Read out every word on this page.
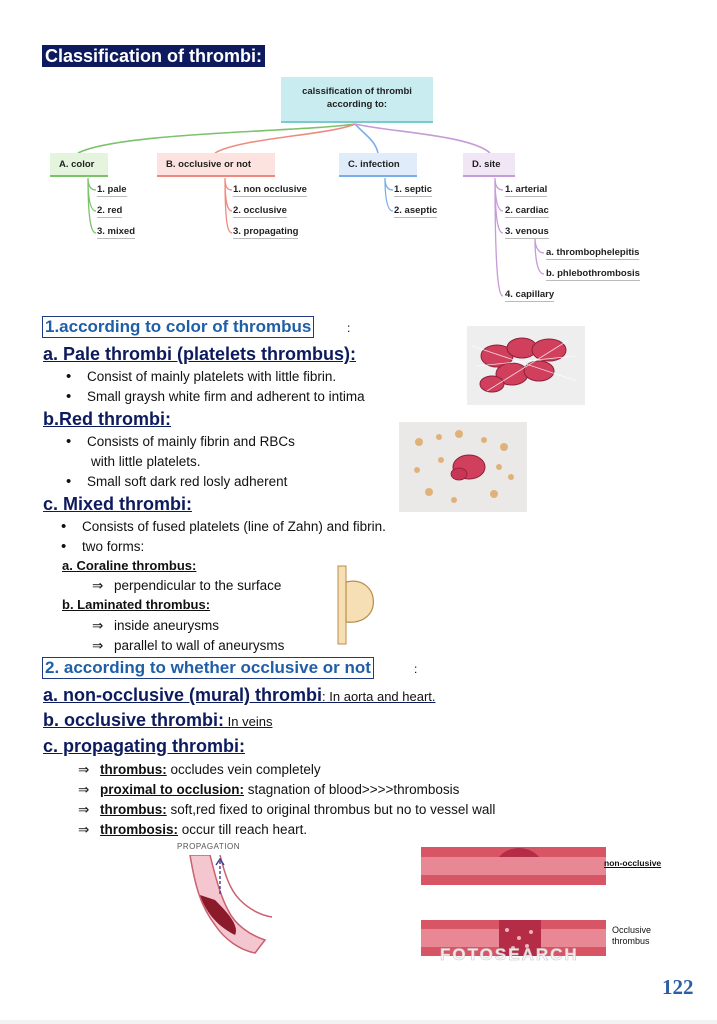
Classification of thrombi:
calssification of thrombi
according to:
A. color	B. occlusive or not	C. infection	D. site
1. pale
2. red
3. mixed
1. non occlusive
2. occlusive
3. propagating
1. septic
2. aseptic
1. arterial
2. cardiac
3. venous
a. thrombophelepitis
b. phlebothrombosis
4. capillary
1.according to color of thrombus	:
a. Pale thrombi (platelets thrombus):
• Consist of mainly platelets with little fibrin.
• Small graysh white firm and adherent to intima
b.Red thrombi:
• Consists of mainly fibrin and RBCs
with little platelets.
• Small soft dark red losly adherent
c. Mixed thrombi:
• Consists of fused platelets (line of Zahn) and fibrin.
• two forms:
a. Coraline thrombus:
⇒ perpendicular to the surface
b. Laminated thrombus:
⇒ inside aneurysms
⇒ parallel to wall of aneurysms
2. according to whether occlusive or not	:
a. non-occlusive (mural) thrombi: In aorta and heart.
b. occlusive thrombi: In veins
c. propagating thrombi:
⇒ thrombus: occludes vein completely
⇒ proximal to occlusion: stagnation of blood>>>>thrombosis
⇒ thrombus: soft,red fixed to original thrombus but no to vessel wall
⇒ thrombosis: occur till reach heart.
PROPAGATION
non-occlusive
Occlusive
thrombus
FOTOSEARCH
122
